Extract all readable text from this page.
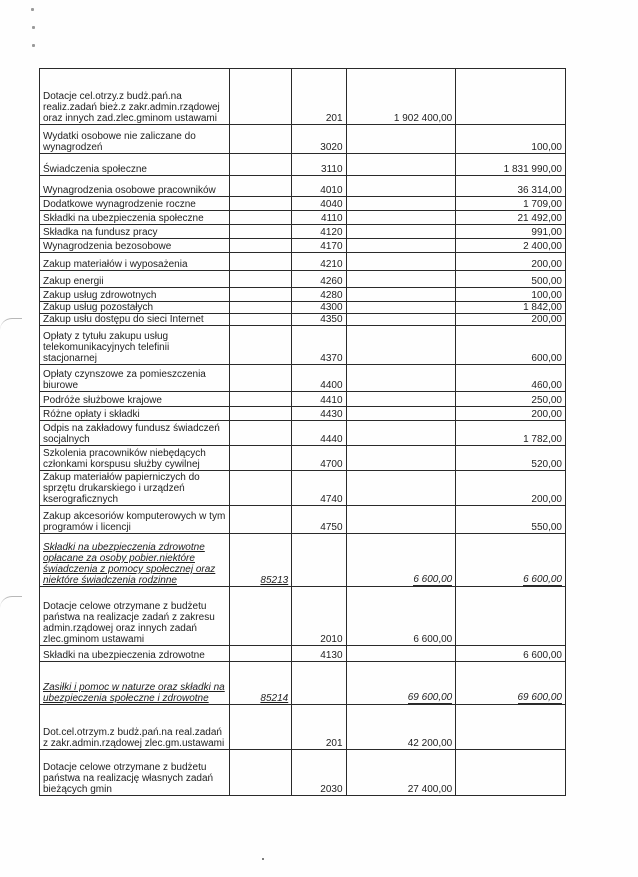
Dotacje cel.otrzy.z budż.pań.na realiz.zadań bież.z zakr.admin.rządowej oraz innych zad.zlec.gminom ustawami		201	1 902 400,00	
Wydatki osobowe nie zaliczane do wynagrodzeń		3020		100,00
Świadczenia społeczne		3110		1 831 990,00
Wynagrodzenia osobowe pracowników		4010		36 314,00
Dodatkowe wynagrodzenie roczne		4040		1 709,00
Składki na ubezpieczenia społeczne		4110		21 492,00
Składka na fundusz pracy		4120		991,00
Wynagrodzenia bezosobowe		4170		2 400,00
Zakup materiałów i wyposażenia		4210		200,00
Zakup energii		4260		500,00
Zakup usług zdrowotnych		4280		100,00
Zakup usług pozostałych		4300		1 842,00
Zakup usłu dostępu do sieci Internet		4350		200,00
Opłaty z tytułu zakupu usług telekomunikacyjnych telefinii stacjonarnej		4370		600,00
Opłaty czynszowe za pomieszczenia biurowe		4400		460,00
Podróże służbowe krajowe		4410		250,00
Różne opłaty i składki		4430		200,00
Odpis na zakładowy fundusz świadczeń socjalnych		4440		1 782,00
Szkolenia pracowników niebędących członkami korspusu służby cywilnej		4700		520,00
Zakup materiałów papierniczych do sprzętu drukarskiego i urządzeń kserograficznych		4740		200,00
Zakup akcesoriów komputerowych w tym programów i licencji		4750		550,00
Składki na ubezpieczenia zdrowotne opłacane za osoby pobier.niektóre świadczenia z pomocy społecznej oraz niektóre świadczenia rodzinne	85213		6 600,00	6 600,00
Dotacje celowe otrzymane z budżetu państwa na realizacje zadań z zakresu admin.rządowej oraz innych zadań zlec.gminom ustawami		2010	6 600,00	
Składki na ubezpieczenia zdrowotne		4130		6 600,00
Zasiłki i pomoc w naturze oraz składki na ubezpieczenia społeczne i zdrowotne	85214		69 600,00	69 600,00
Dot.cel.otrzym.z budż.pań.na real.zadań z zakr.admin.rządowej zlec.gm.ustawami		201	42 200,00	
Dotacje celowe otrzymane z budżetu państwa na realizację własnych zadań bieżących gmin		2030	27 400,00	
